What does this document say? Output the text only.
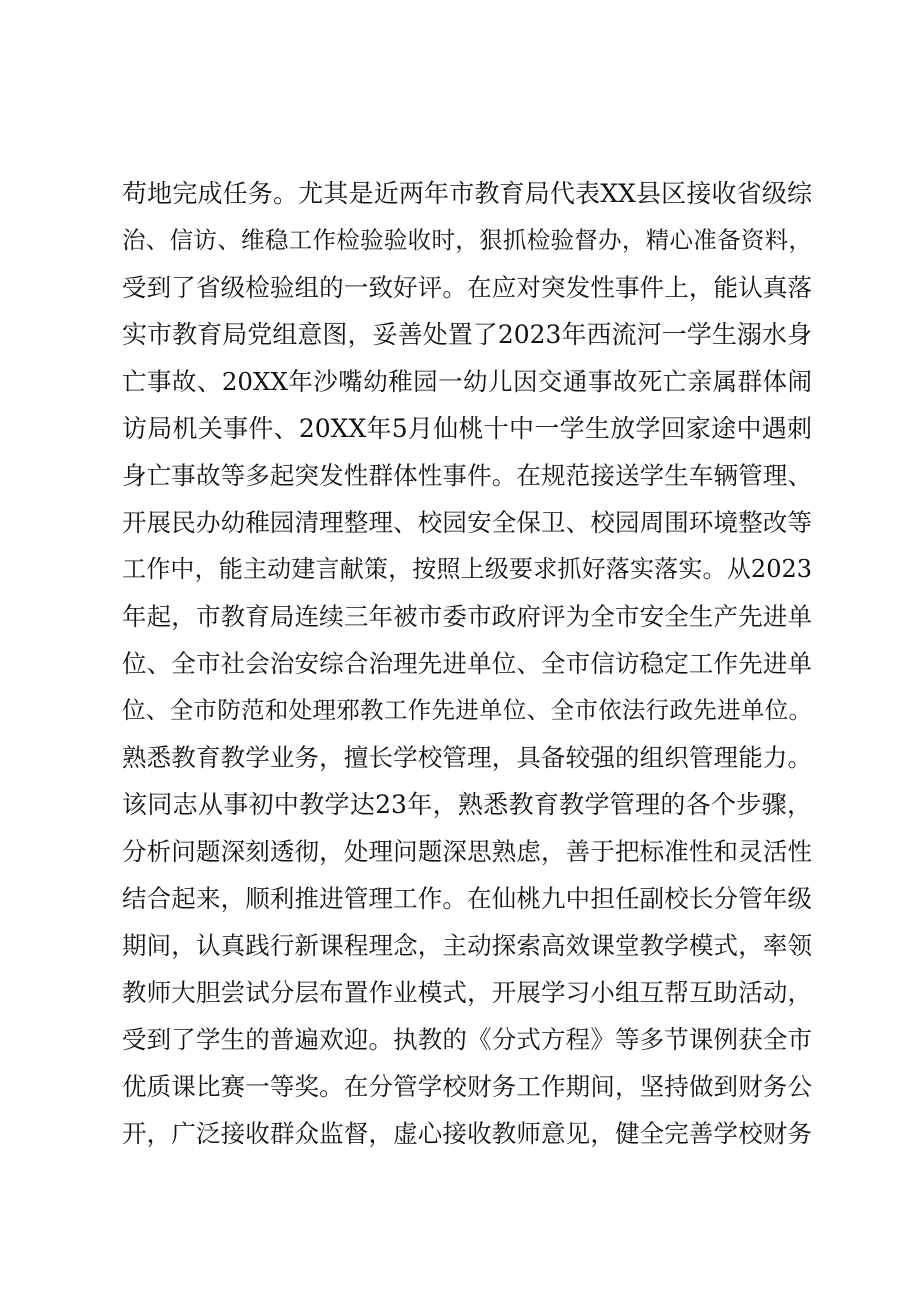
苟地完成任务。尤其是近两年市教育局代表XX县区接收省级综
治、信访、维稳工作检验验收时，狠抓检验督办，精心准备资料，
受到了省级检验组的一致好评。在应对突发性事件上，能认真落
实市教育局党组意图，妥善处置了2023年西流河一学生溺水身
亡事故、20XX年沙嘴幼稚园一幼儿因交通事故死亡亲属群体闹
访局机关事件、20XX年5月仙桃十中一学生放学回家途中遇刺
身亡事故等多起突发性群体性事件。在规范接送学生车辆管理、
开展民办幼稚园清理整理、校园安全保卫、校园周围环境整改等
工作中，能主动建言献策，按照上级要求抓好落实落实。从2023
年起，市教育局连续三年被市委市政府评为全市安全生产先进单
位、全市社会治安综合治理先进单位、全市信访稳定工作先进单
位、全市防范和处理邪教工作先进单位、全市依法行政先进单位。
熟悉教育教学业务，擅长学校管理，具备较强的组织管理能力。
该同志从事初中教学达23年，熟悉教育教学管理的各个步骤，
分析问题深刻透彻，处理问题深思熟虑，善于把标准性和灵活性
结合起来，顺利推进管理工作。在仙桃九中担任副校长分管年级
期间，认真践行新课程理念，主动探索高效课堂教学模式，率领
教师大胆尝试分层布置作业模式，开展学习小组互帮互助活动，
受到了学生的普遍欢迎。执教的《分式方程》等多节课例获全市
优质课比赛一等奖。在分管学校财务工作期间，坚持做到财务公
开，广泛接收群众监督，虚心接收教师意见，健全完善学校财务
